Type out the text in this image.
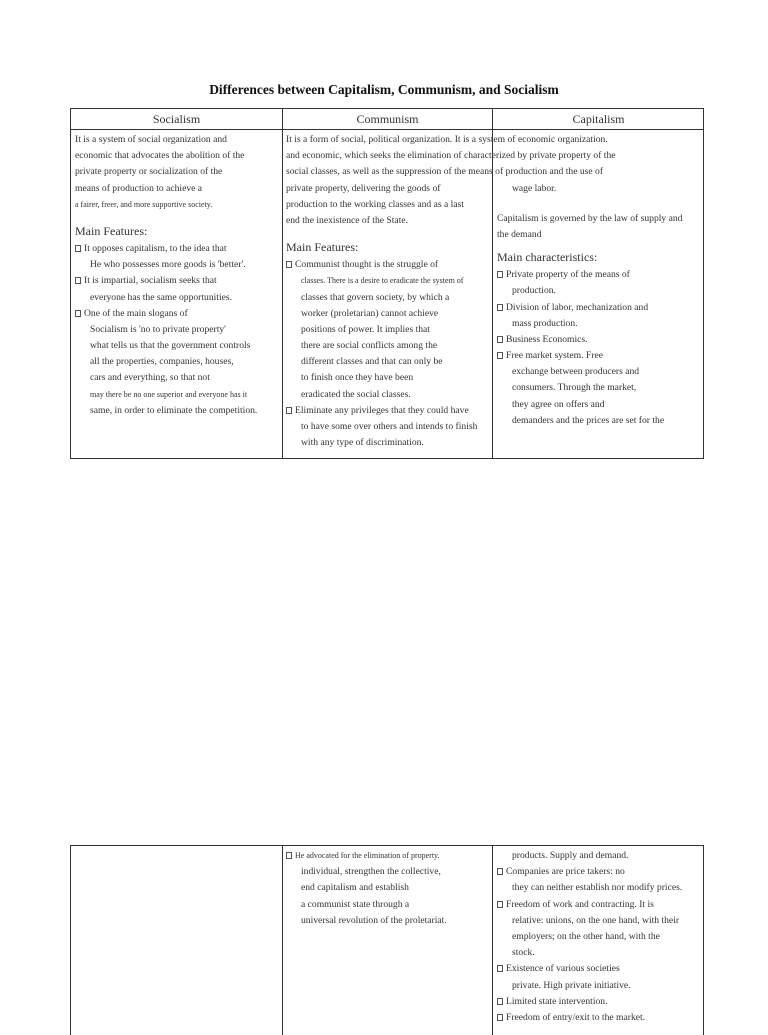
Differences between Capitalism, Communism, and Socialism
Socialism	Communism	Capitalism
It is a system of social organization and
economic that advocates the abolition of the
private property or socialization of the
means of production to achieve a
a fairer, freer, and more supportive society.
Main Features:
It opposes capitalism, to the idea that
He who possesses more goods is 'better'.
It is impartial, socialism seeks that
everyone has the same opportunities.
One of the main slogans of
Socialism is 'no to private property'
what tells us that the government controls
all the properties, companies, houses,
cars and everything, so that not
may there be no one superior and everyone has it
same, in order to eliminate the competition.
It is a form of social, political organization. It is a system of economic organization.
and economic, which seeks the elimination of characterized by private property of the
social classes, as well as the suppression of the means of production and the use of
private property, delivering the goods of
production to the working classes and as a last
end the inexistence of the State.
Main Features:
Communist thought is the struggle of
classes. There is a desire to eradicate the system of
classes that govern society, by which a
worker (proletarian) cannot achieve
positions of power. It implies that
there are social conflicts among the
different classes and that can only be
to finish once they have been
eradicated the social classes.
Eliminate any privileges that they could have
to have some over others and intends to finish
with any type of discrimination.
wage labor.
Capitalism is governed by the law of supply and
the demand
Main characteristics:
Private property of the means of
production.
Division of labor, mechanization and
mass production.
Business Economics.
Free market system. Free
exchange between producers and
consumers. Through the market,
they agree on offers and
demanders and the prices are set for the
He advocated for the elimination of property.
individual, strengthen the collective,
end capitalism and establish
a communist state through a
universal revolution of the proletariat.
products. Supply and demand.
Companies are price takers: no
they can neither establish nor modify prices.
Freedom of work and contracting. It is
relative: unions, on the one hand, with their
employers; on the other hand, with the
stock.
Existence of various societies
private. High private initiative.
Limited state intervention.
Freedom of entry/exit to the market.
